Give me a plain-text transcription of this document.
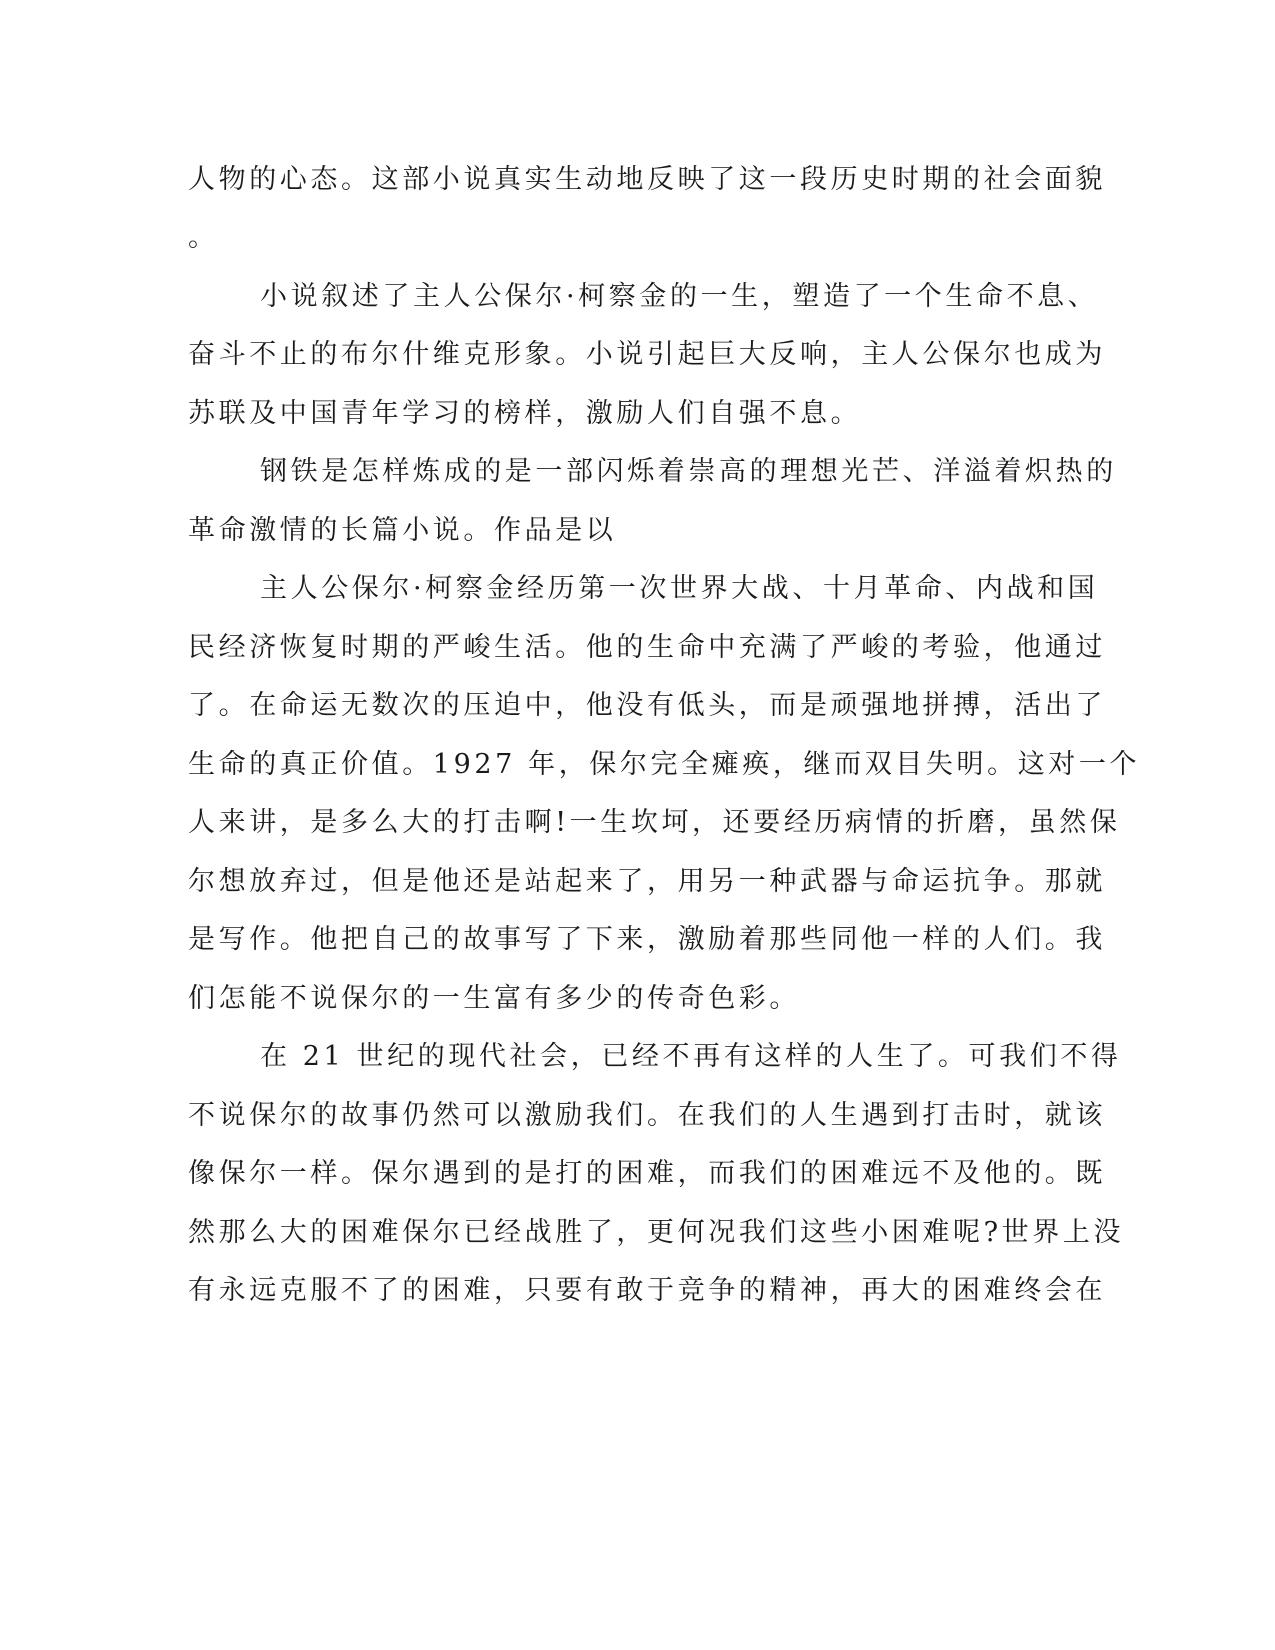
人物的心态。这部小说真实生动地反映了这一段历史时期的社会面貌
。
小说叙述了主人公保尔·柯察金的一生，塑造了一个生命不息、
奋斗不止的布尔什维克形象。小说引起巨大反响，主人公保尔也成为
苏联及中国青年学习的榜样，激励人们自强不息。
钢铁是怎样炼成的是一部闪烁着崇高的理想光芒、洋溢着炽热的
革命激情的长篇小说。作品是以
主人公保尔·柯察金经历第一次世界大战、十月革命、内战和国
民经济恢复时期的严峻生活。他的生命中充满了严峻的考验，他通过
了。在命运无数次的压迫中，他没有低头，而是顽强地拼搏，活出了
生命的真正价值。1927 年，保尔完全瘫痪，继而双目失明。这对一个
人来讲，是多么大的打击啊!一生坎坷，还要经历病情的折磨，虽然保
尔想放弃过，但是他还是站起来了，用另一种武器与命运抗争。那就
是写作。他把自己的故事写了下来，激励着那些同他一样的人们。我
们怎能不说保尔的一生富有多少的传奇色彩。
在 21 世纪的现代社会，已经不再有这样的人生了。可我们不得
不说保尔的故事仍然可以激励我们。在我们的人生遇到打击时，就该
像保尔一样。保尔遇到的是打的困难，而我们的困难远不及他的。既
然那么大的困难保尔已经战胜了，更何况我们这些小困难呢?世界上没
有永远克服不了的困难，只要有敢于竞争的精神，再大的困难终会在
